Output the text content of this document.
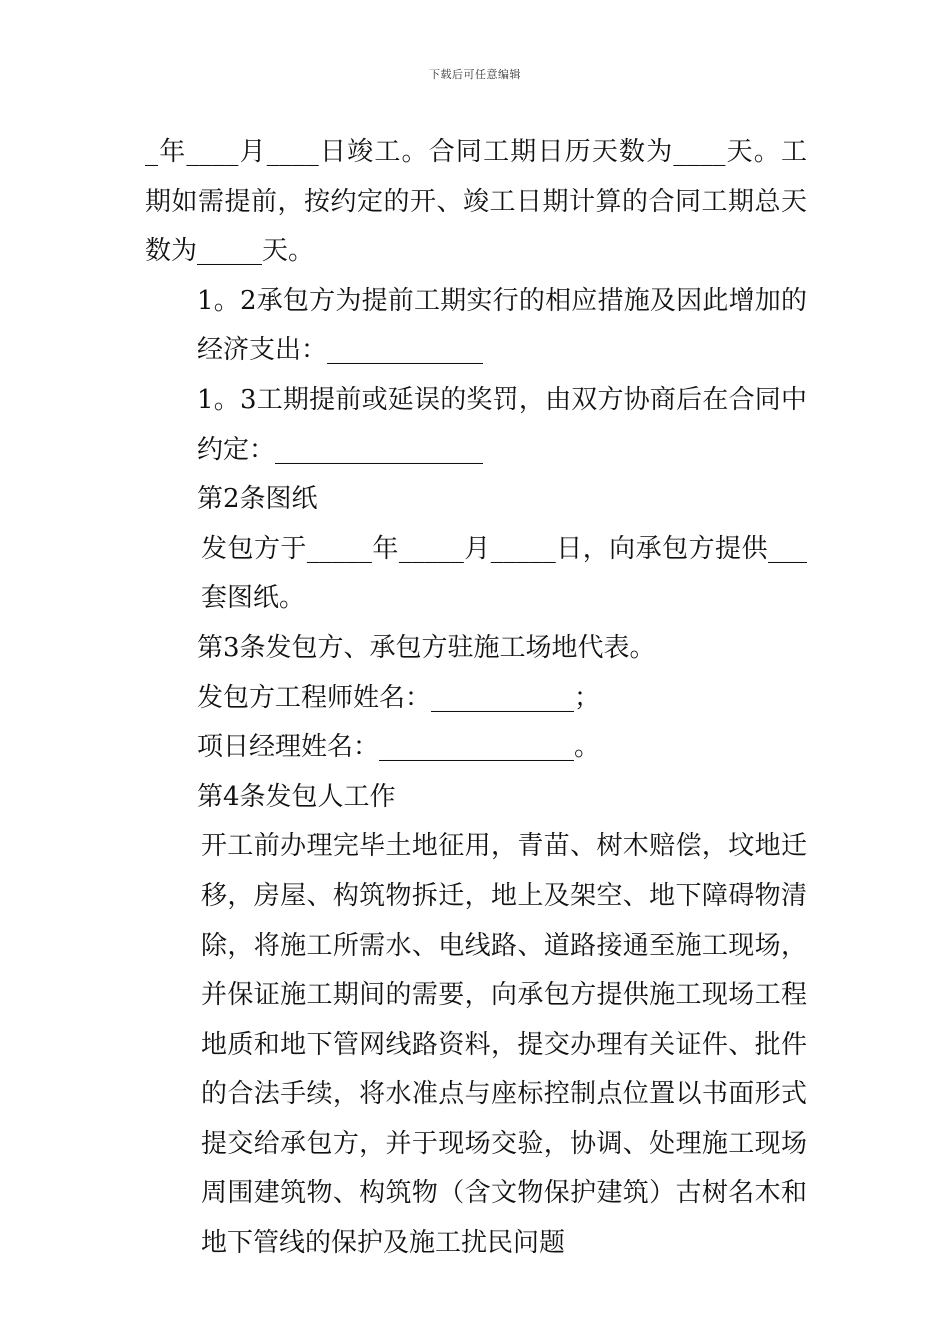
下载后可任意编辑

_年____月____日竣工。合同工期日历天数为____天。工期如需提前，按约定的开、竣工日期计算的合同工期总天数为_____天。

1。2承包方为提前工期实行的相应措施及因此增加的经济支出：____________

1。3工期提前或延误的奖罚，由双方协商后在合同中约定：________________

第2条图纸

发包方于_____年_____月_____日，向承包方提供___套图纸。

第3条发包方、承包方驻施工场地代表。

发包方工程师姓名：___________；

项日经理姓名：_______________。

第4条发包人工作

开工前办理完毕土地征用，青苗、树木赔偿，坟地迁移，房屋、构筑物拆迁，地上及架空、地下障碍物清除，将施工所需水、电线路、道路接通至施工现场，并保证施工期间的需要，向承包方提供施工现场工程地质和地下管网线路资料，提交办理有关证件、批件的合法手续，将水准点与座标控制点位置以书面形式提交给承包方，并于现场交验，协调、处理施工现场周围建筑物、构筑物（含文物保护建筑）古树名木和地下管线的保护及施工扰民问题
